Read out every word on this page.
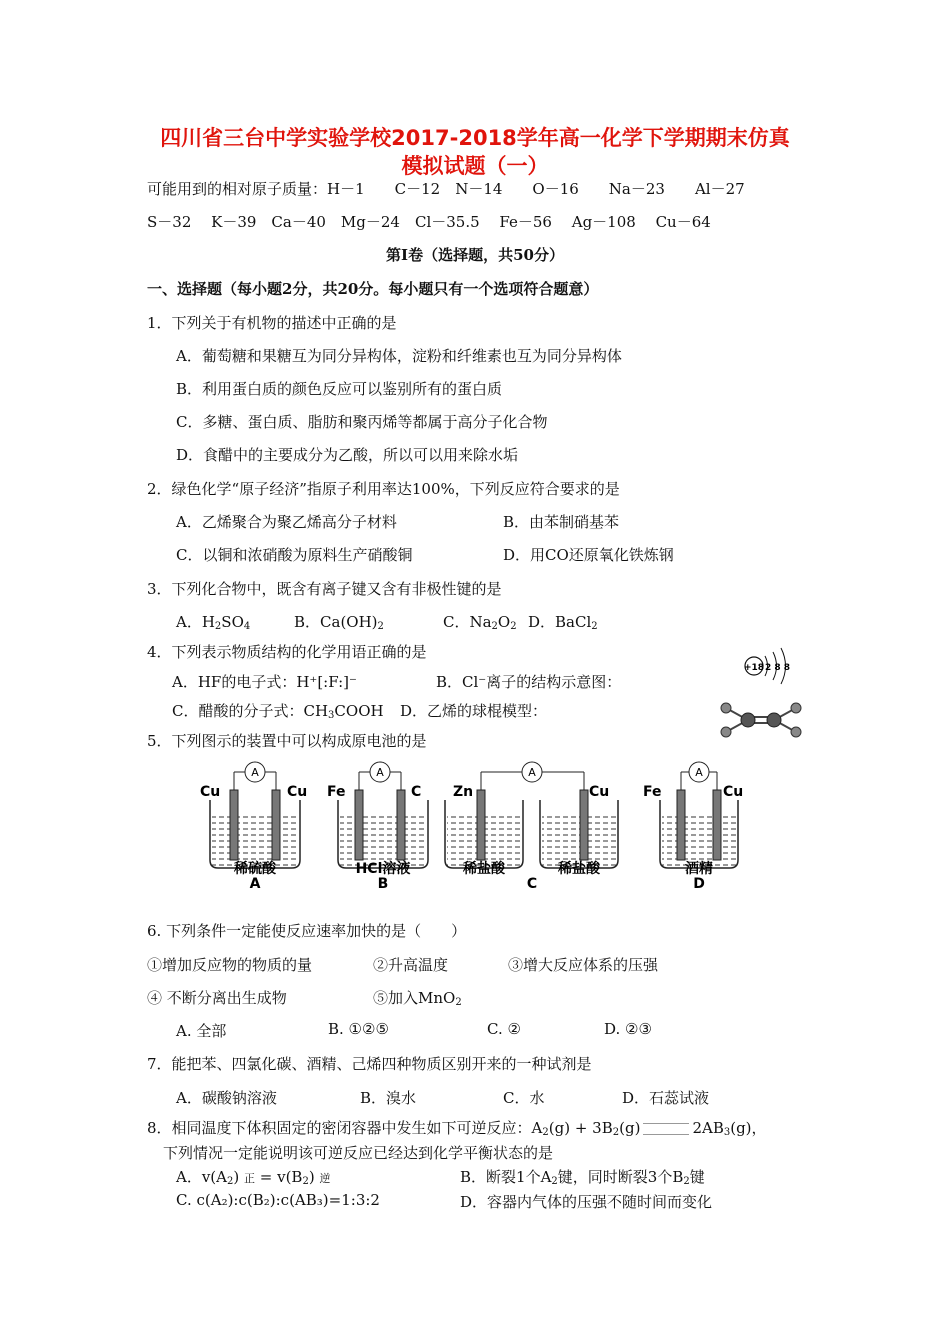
四川省三台中学实验学校2017-2018学年高一化学下学期期末仿真
模拟试题（一）
可能用到的相对原子质量：H－1　　C－12　N－14　　O－16　　Na－23　　Al－27
S－32　 K－39　Ca－40　Mg－24　Cl－35.5　 Fe－56　 Ag－108　 Cu－64
第Ⅰ卷（选择题，共50分）
一、选择题（每小题2分，共20分。每小题只有一个选项符合题意）
1．下列关于有机物的描述中正确的是
A．葡萄糖和果糖互为同分异构体，淀粉和纤维素也互为同分异构体
B．利用蛋白质的颜色反应可以鉴别所有的蛋白质
C．多糖、蛋白质、脂肪和聚丙烯等都属于高分子化合物
D．食醋中的主要成分为乙酸，所以可以用来除水垢
2．绿色化学“原子经济”指原子利用率达100%，下列反应符合要求的是
A．乙烯聚合为聚乙烯高分子材料	B．由苯制硝基苯
C．以铜和浓硝酸为原料生产硝酸铜	D．用CO还原氧化铁炼钢
3．下列化合物中，既含有离子键又含有非极性键的是
A．$H_2SO_4$	B．$Ca(OH)_2$	C．$Na_2O_2$ D．BaCl$_2$
4．下列表示物质结构的化学用语正确的是
A．HF的电子式：H⁺[:F:]⁻	B．Cl⁻离子的结构示意图：
C．醋酸的分子式：$CH_3COOH$ D．乙烯的球棍模型：
+18 2 8 8
5．下列图示的装置中可以构成原电池的是
A
Cu	Cu
稀硫酸
A
A
Fe	C
HCl溶液
B
A
Zn	Cu
稀盐酸	稀盐酸
C
A
Fe	Cu
酒精
D
6. 下列条件一定能使反应速率加快的是（　　）
①增加反应物的物质的量	②升高温度	③增大反应体系的压强
④ 不断分离出生成物	⑤加入MnO$_2$
A. 全部	B. ①②⑤	C. ②	D. ②③
7．能把苯、四氯化碳、酒精、己烯四种物质区别开来的一种试剂是
A．碳酸钠溶液	B．溴水	C．水	D．石蕊试液
8．相同温度下体积固定的密闭容器中发生如下可逆反应：$A_2(g) + 3B_2(g)$	$2AB_3(g)$，
下列情况一定能说明该可逆反应已经达到化学平衡状态的是
A．$v(A_2)$ 正 = $v(B_2)$ 逆	B．断裂1个$A_2$键，同时断裂3个$B_2$键
C. c(A₂):c(B₂):c(AB₃)=1:3:2	D．容器内气体的压强不随时间而变化
